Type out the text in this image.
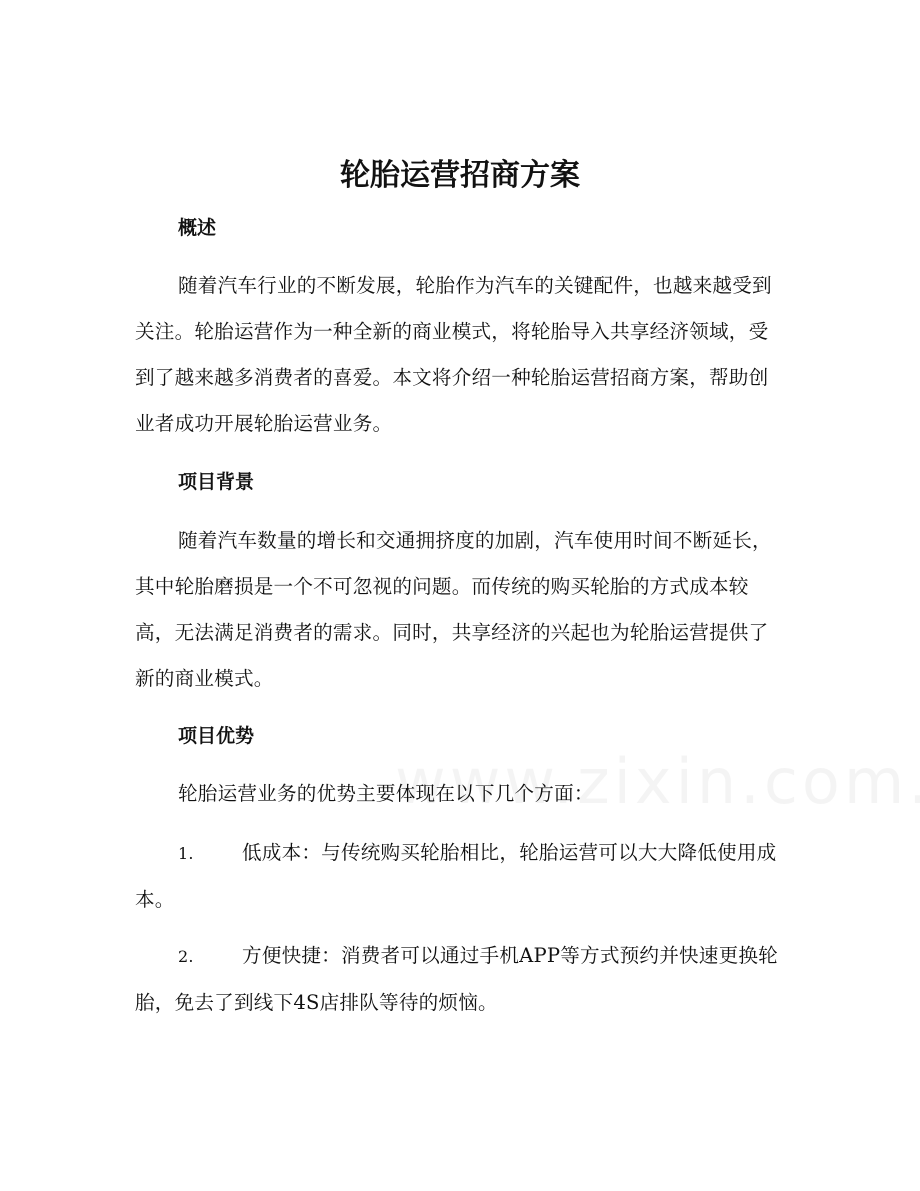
轮胎运营招商方案
概述

随着汽车行业的不断发展，轮胎作为汽车的关键配件，也越来越受到关注。轮胎运营作为一种全新的商业模式，将轮胎导入共享经济领域，受到了越来越多消费者的喜爱。本文将介绍一种轮胎运营招商方案，帮助创业者成功开展轮胎运营业务。

项目背景

随着汽车数量的增长和交通拥挤度的加剧，汽车使用时间不断延长，其中轮胎磨损是一个不可忽视的问题。而传统的购买轮胎的方式成本较高，无法满足消费者的需求。同时，共享经济的兴起也为轮胎运营提供了新的商业模式。

项目优势

轮胎运营业务的优势主要体现在以下几个方面：

1. 低成本：与传统购买轮胎相比，轮胎运营可以大大降低使用成本。

2. 方便快捷：消费者可以通过手机APP等方式预约并快速更换轮胎，免去了到线下4S店排队等待的烦恼。
